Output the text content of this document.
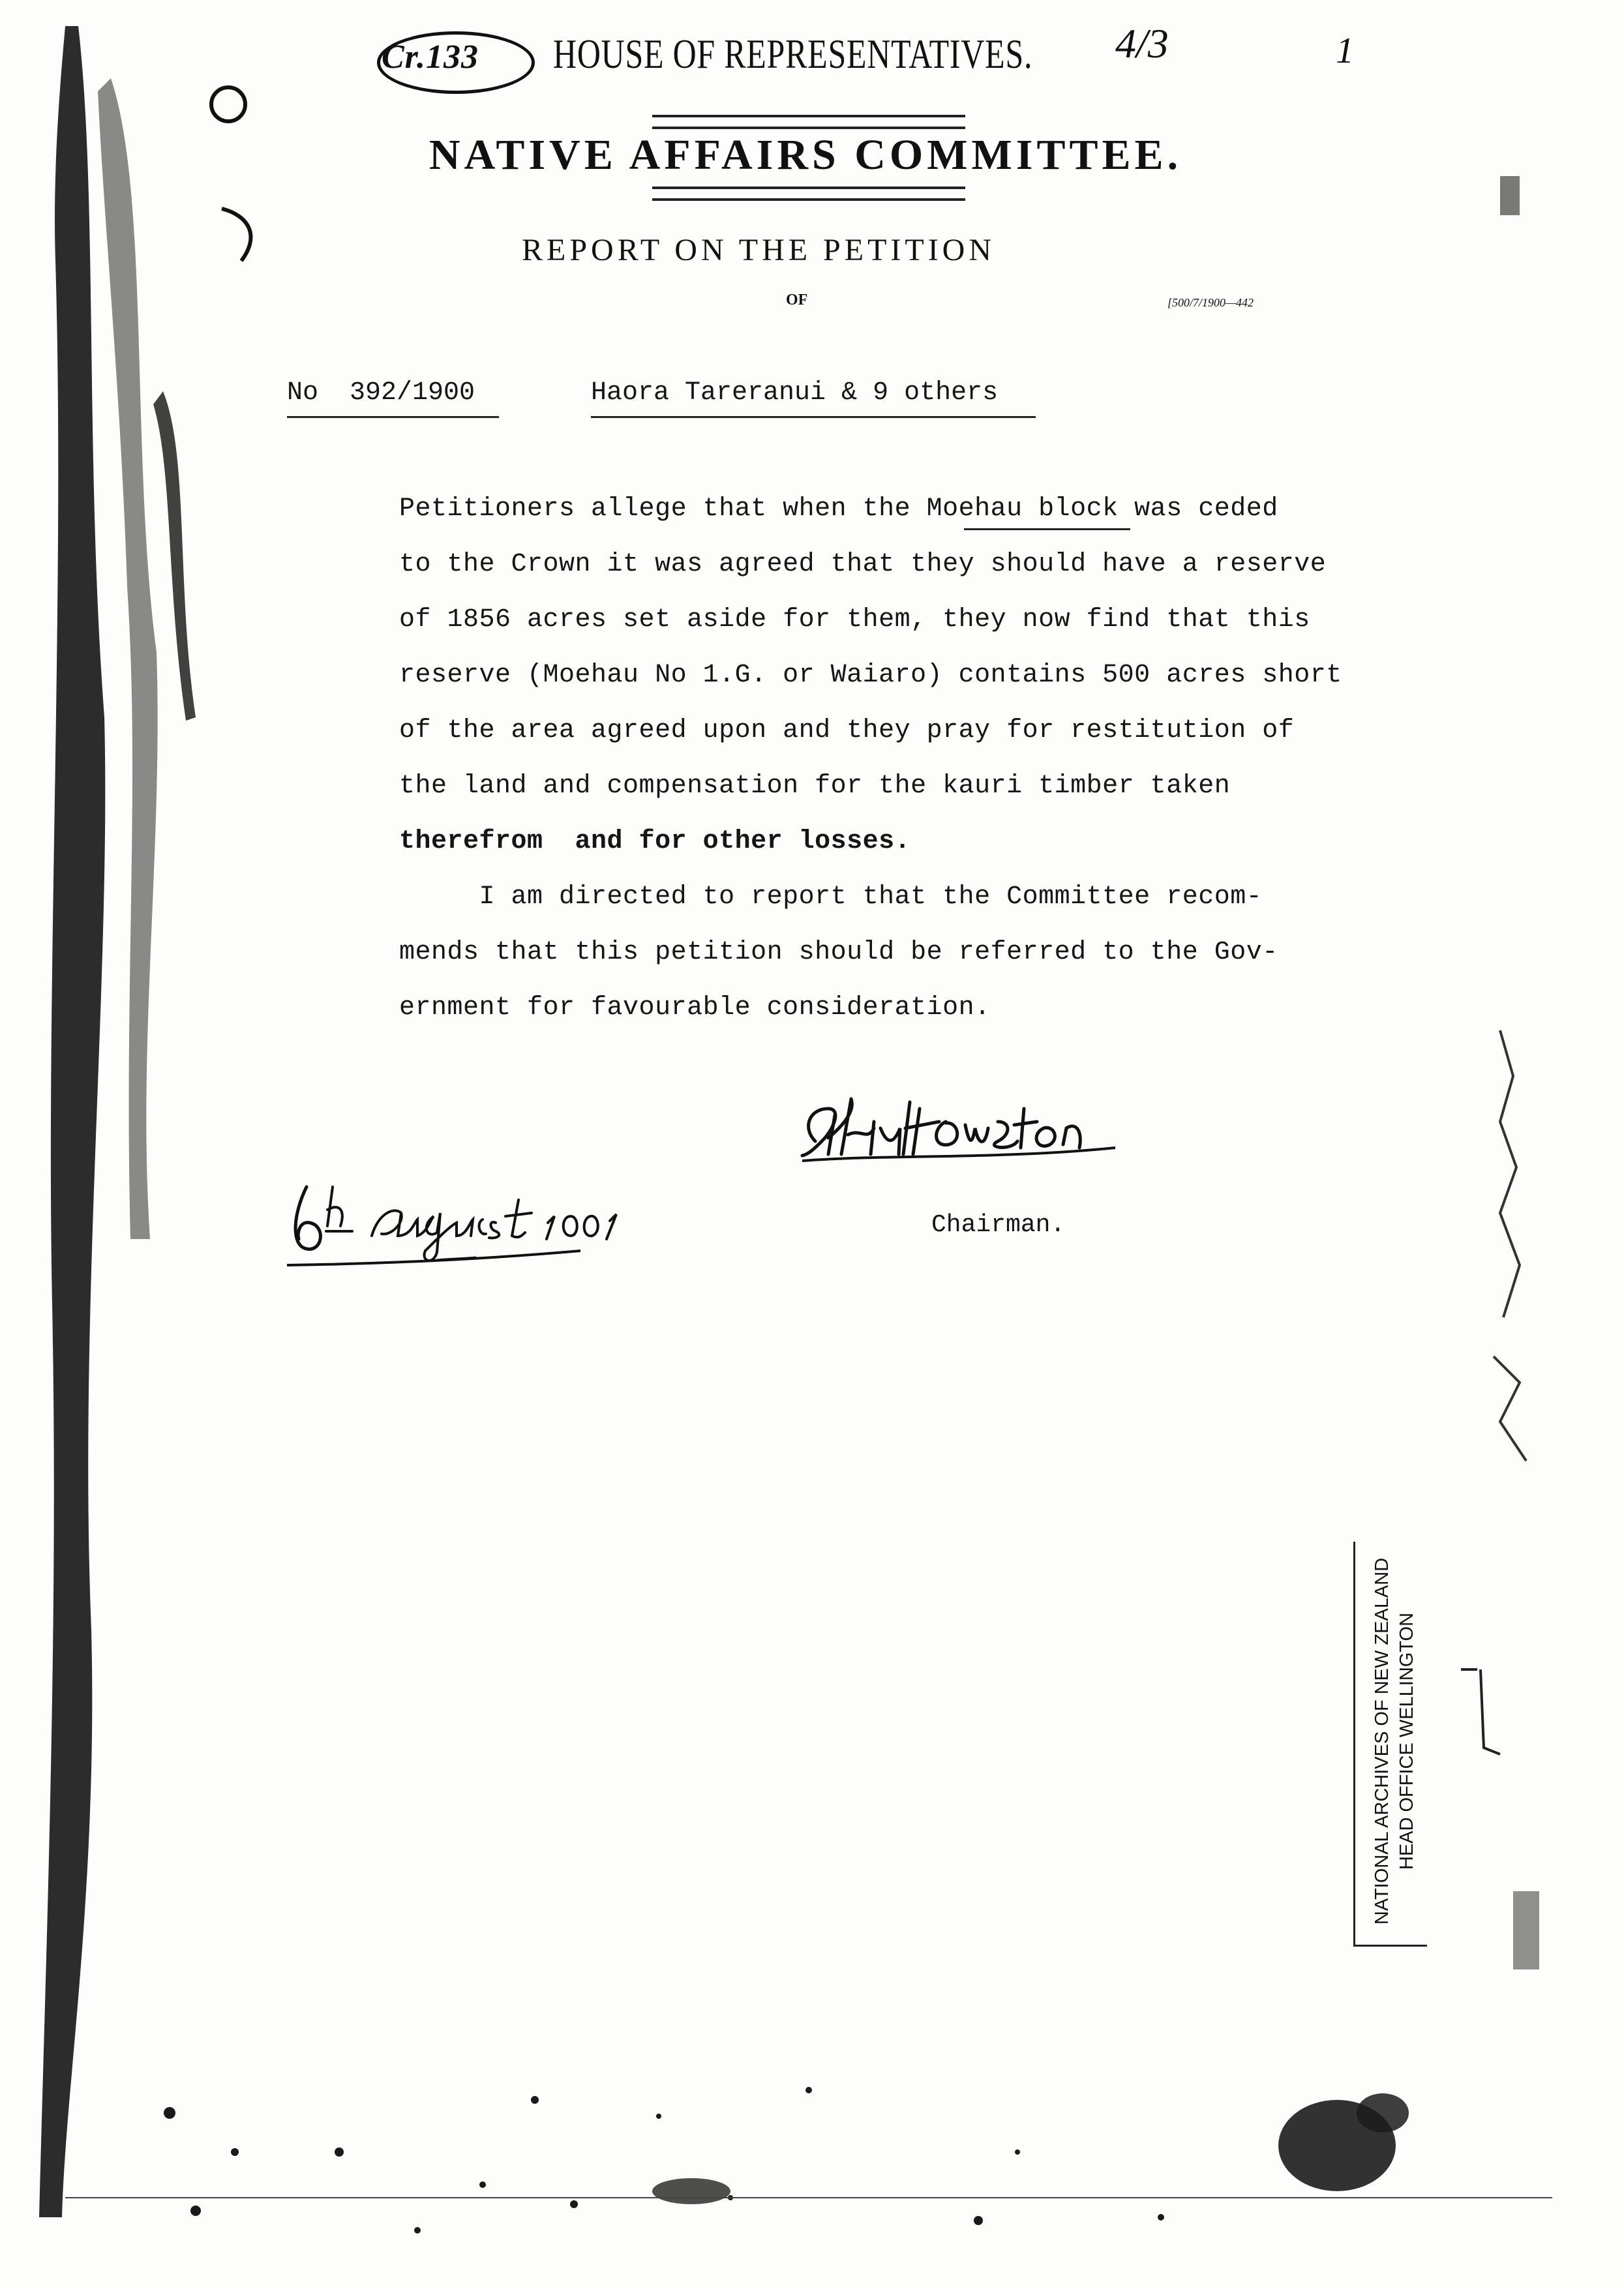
Cr.133 HOUSE OF REPRESENTATIVES. 4/3	1
NATIVE AFFAIRS COMMITTEE.
REPORT ON THE PETITION
OF	[500/7/1900—442
No  392/1900	Haora Tareranui & 9 others
Petitioners allege that when the Moehau block was ceded
to the Crown it was agreed that they should have a reserve
of 1856 acres set aside for them, they now find that this
reserve (Moehau No 1.G. or Waiaro) contains 500 acres short
of the area agreed upon and they pray for restitution of
the land and compensation for the kauri timber taken
therefrom  and for other losses.
I am directed to report that the Committee recom-
mends that this petition should be referred to the Gov-
ernment for favourable consideration.
Chairman.
NATIONAL ARCHIVES OF NEW ZEALAND HEAD OFFICE WELLINGTON
